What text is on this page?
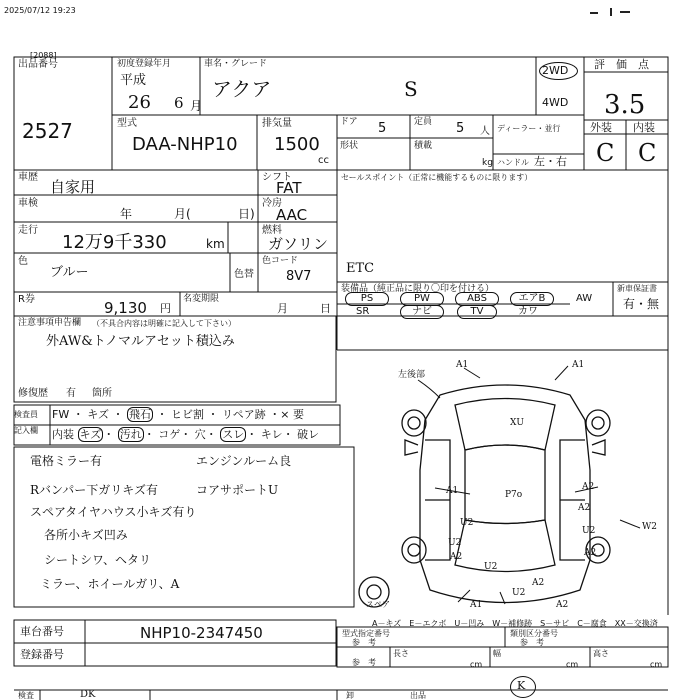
2025/07/12 19:23
[2088]
出品番号
2527
初度登録年月
平成
26 6 月
車名・グレード
アクア	S
2WD
4WD
評　価　点
3.5
外装 内装
C C
型式
DAA-NHP10
排気量
1500
cc
ドア 5	定員 5 人 ディーラー・並行
形状	積載
kg ハンドル 左・右
車歴
自家用
シフト
FAT
車検
年	月(	日)
冷房
AAC
走行
12万9千330	km
燃料
ガソリン
色
ブルー	色替
色コード
8V7
R券	9,130 円
名変期限
月	日
セールスポイント（正常に機能するものに限ります）
ETC
装備品（純正品に限り〇印を付ける）	新車保証書
有・無
PS	PW	ABS	エアB	AW
SR	ナビ	TV	カワ
注意事項申告欄 （不具合内容は明確に記入して下さい）
外AW&トノマルアセット積込み
修復歴 有 箇所
検査員
記入欄
FW ・ キズ ・ 飛石 ・ ヒビ割 ・ リペア跡 ・× 要
内装 キズ ・ 汚れ ・ コゲ・ 穴・ スレ ・ キレ・ 破レ
電格ミラー有
Rバンパー下ガリキズ有
スペアタイヤハウス小キズ有り
各所小キズ凹み
シートシワ、ヘタリ
ミラー、ホイールガリ、A
エンジンルーム良
コアサポートU
左後部
A1	A1
XU
A1	A2
P7o
A2
U2
U2	W2
U2
A2
U2
A2
A1	A2
A2
U2
スペア
A－キズ　E－エクボ　U－凹み　W－補修跡　S－サビ　C－腐食　XX－交換済
車台番号	NHP10-2347450
登録番号
型式指定番号
参　考
類別区分番号
参　考
参　考
長さ
cm
幅
cm
高さ
cm
検査	DK	卸	出品
K
